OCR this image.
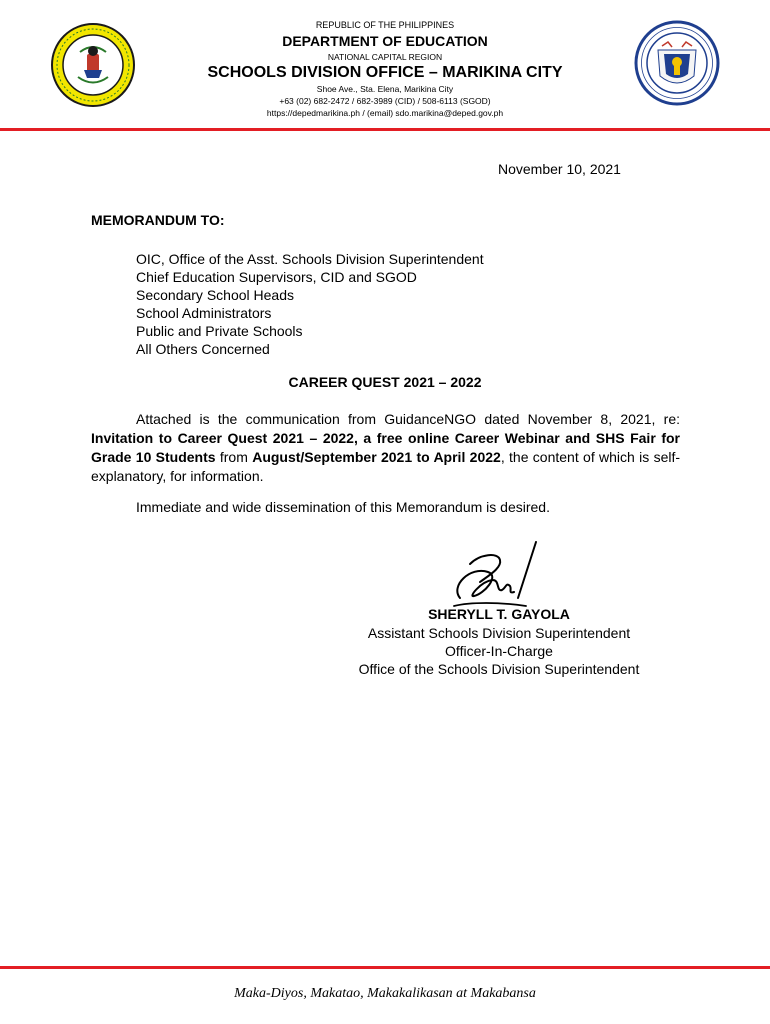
REPUBLIC OF THE PHILIPPINES
DEPARTMENT OF EDUCATION
NATIONAL CAPITAL REGION
SCHOOLS DIVISION OFFICE – MARIKINA CITY
Shoe Ave., Sta. Elena, Marikina City
+63 (02) 682-2472 / 682-3989 (CID) / 508-6113 (SGOD)
https://depedmarikina.ph / (email) sdo.marikina@deped.gov.ph
November 10, 2021
MEMORANDUM TO:
OIC, Office of the Asst. Schools Division Superintendent
Chief Education Supervisors, CID and SGOD
Secondary School Heads
School Administrators
Public and Private Schools
All Others Concerned
CAREER QUEST 2021 – 2022

Attached is the communication from GuidanceNGO dated November 8, 2021, re: Invitation to Career Quest 2021 – 2022, a free online Career Webinar and SHS Fair for Grade 10 Students from August/September 2021 to April 2022, the content of which is self-explanatory, for information.

Immediate and wide dissemination of this Memorandum is desired.
SHERYLL T. GAYOLA
Assistant Schools Division Superintendent
Officer-In-Charge
Office of the Schools Division Superintendent
Maka-Diyos, Makatao, Makakalikasan at Makabansa
